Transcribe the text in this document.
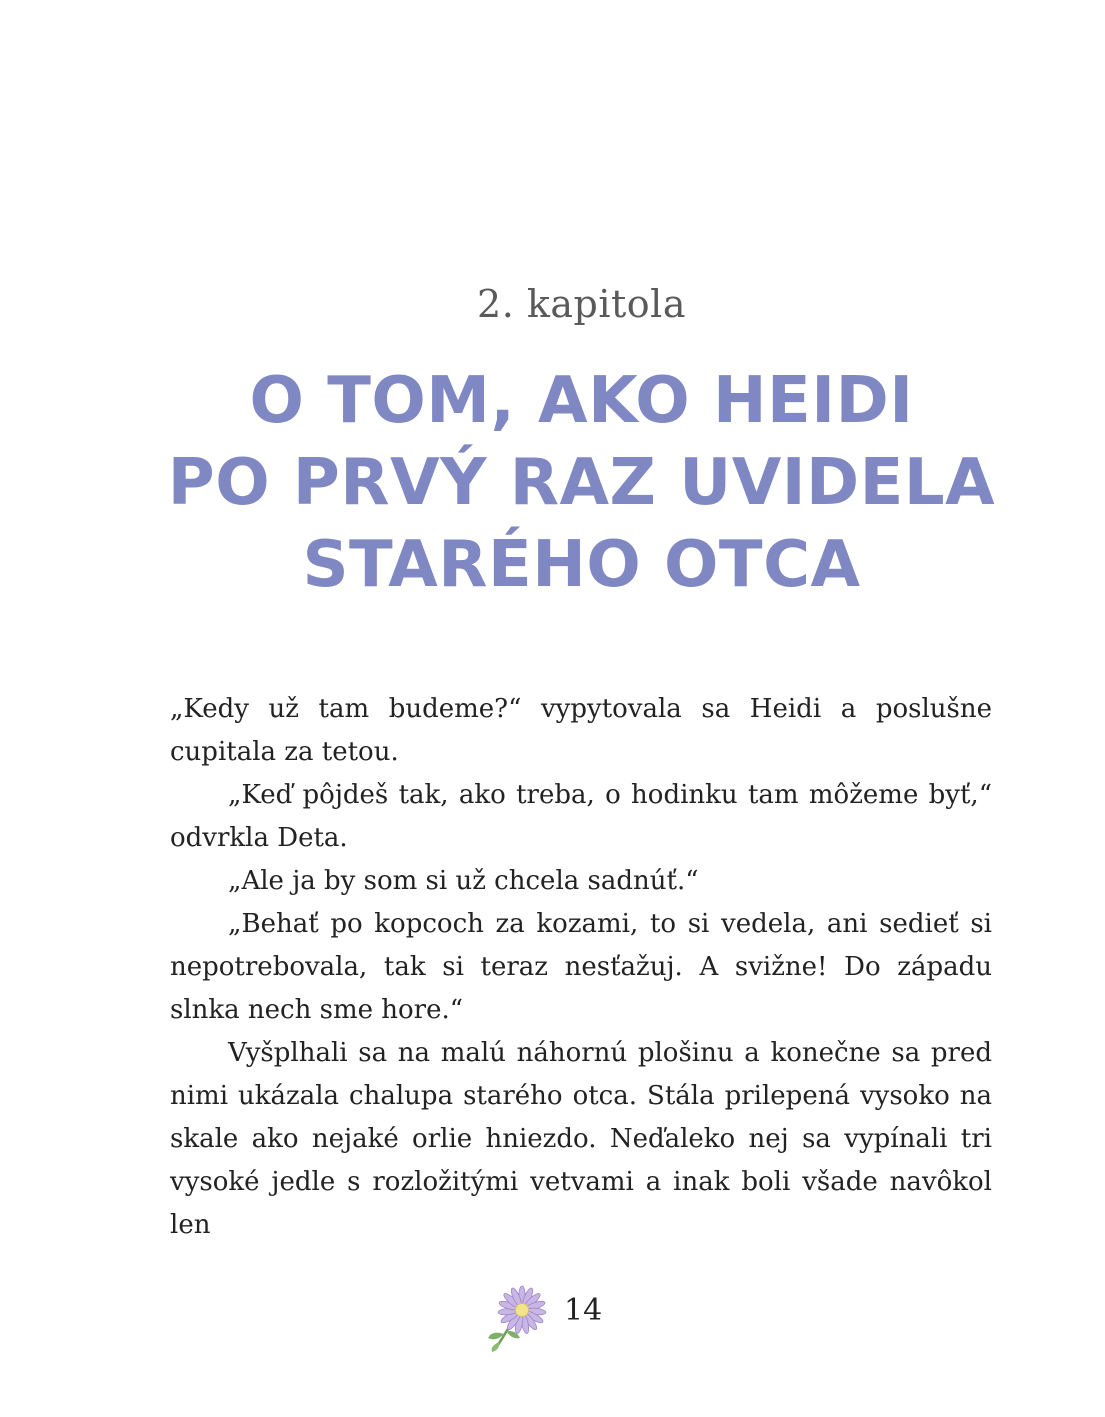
2. kapitola
O TOM, AKO HEIDI
PO PRVÝ RAZ UVIDELA
STARÉHO OTCA

„Kedy už tam budeme?“ vypytovala sa Heidi a poslušne cupitala za tetou.

„Keď pôjdeš tak, ako treba, o hodinku tam môžeme byť,“ odvrkla Deta.

„Ale ja by som si už chcela sadnúť.“

„Behať po kopcoch za kozami, to si vedela, ani sedieť si nepotrebovala, tak si teraz nesťažuj. A svižne! Do západu slnka nech sme hore.“

Vyšplhali sa na malú náhornú plošinu a konečne sa pred nimi ukázala chalupa starého otca. Stála prilepená vysoko na skale ako nejaké orlie hniezdo. Neďaleko nej sa vypínali tri vysoké jedle s rozložitými vetvami a inak boli všade navôkol len

14
